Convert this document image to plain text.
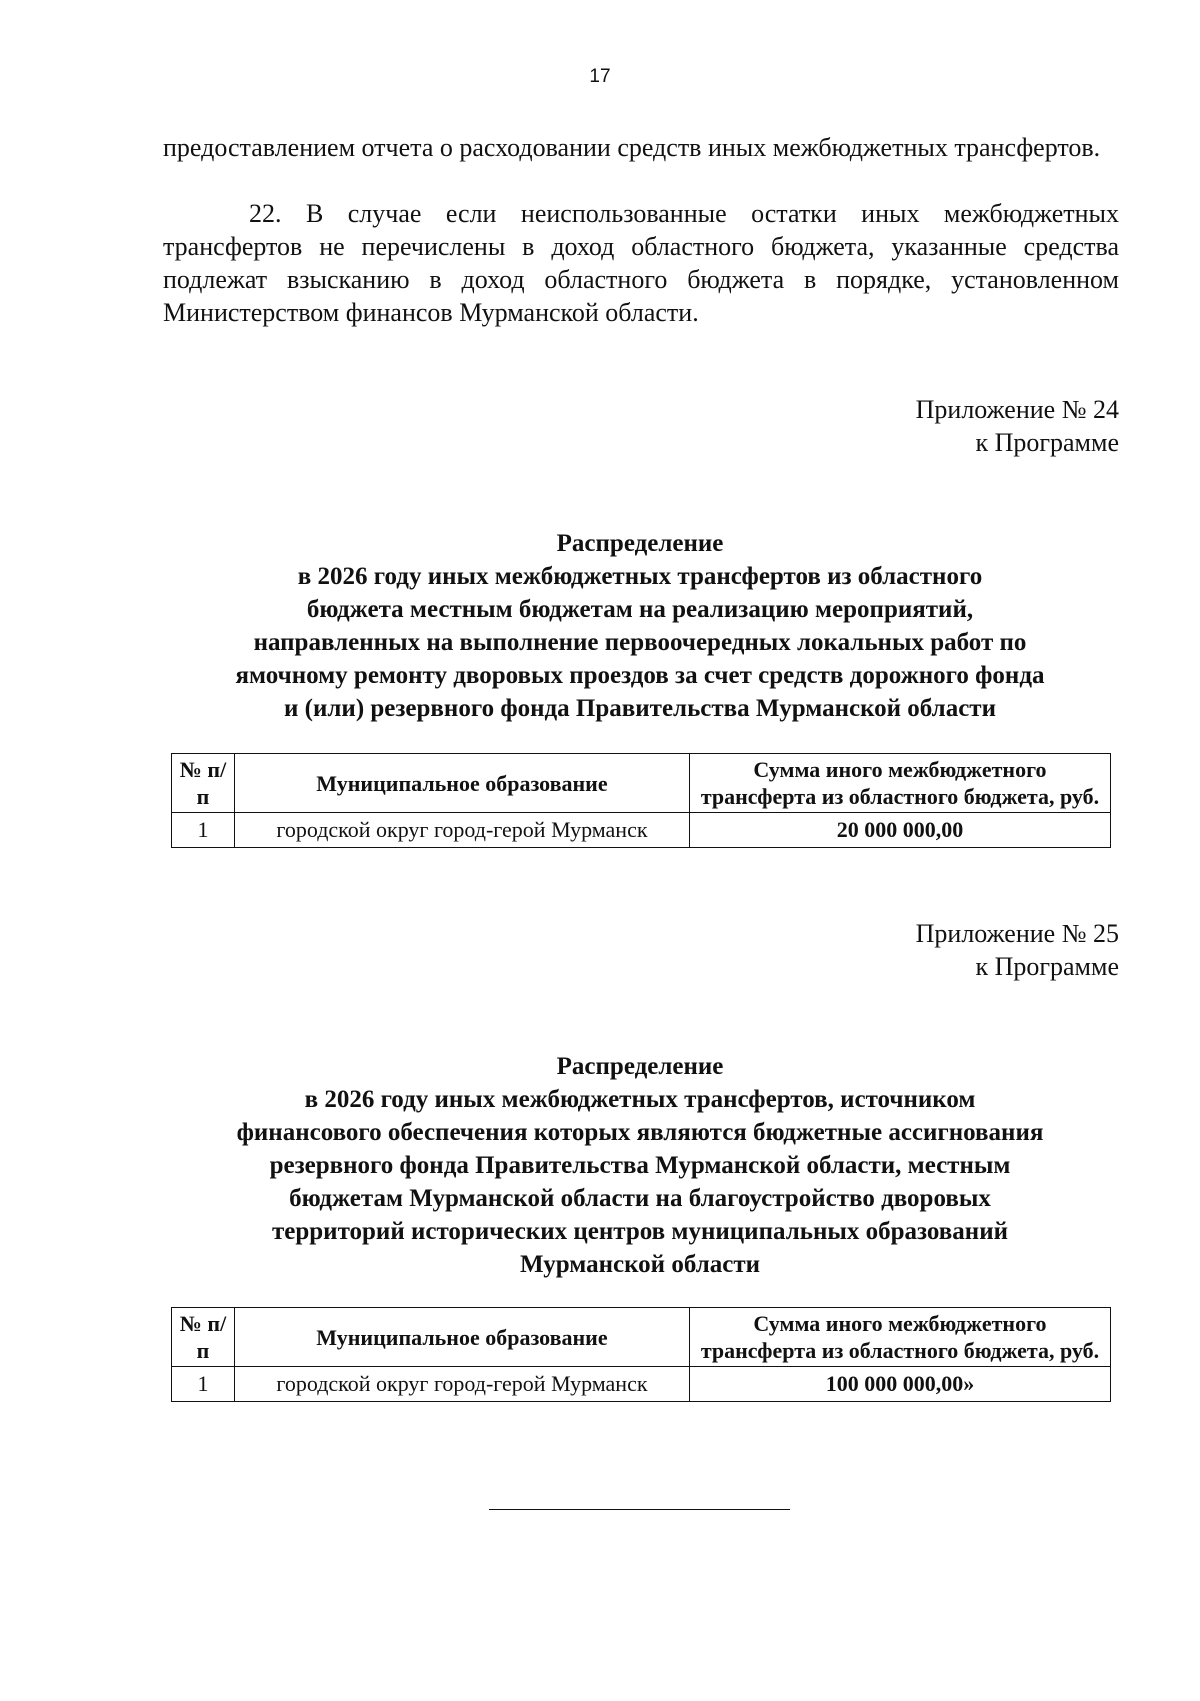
17

предоставлением отчета о расходовании средств иных межбюджетных трансфертов.

22. В случае если неиспользованные остатки иных межбюджетных трансфертов не перечислены в доход областного бюджета, указанные средства подлежат взысканию в доход областного бюджета в порядке, установленном Министерством финансов Мурманской области.

Приложение № 24
к Программе
Распределение
в 2026 году иных межбюджетных трансфертов из областного
бюджета местным бюджетам на реализацию мероприятий,
направленных на выполнение первоочередных локальных работ по
ямочному ремонту дворовых проездов за счет средств дорожного фонда
и (или) резервного фонда Правительства Мурманской области
№ п/п	Муниципальное образование	Сумма иного межбюджетного трансферта из областного бюджета, руб.
1	городской округ город-герой Мурманск	20 000 000,00
Приложение № 25
к Программе
Распределение
в 2026 году иных межбюджетных трансфертов, источником
финансового обеспечения которых являются бюджетные ассигнования
резервного фонда Правительства Мурманской области, местным
бюджетам Мурманской области на благоустройство дворовых
территорий исторических центров муниципальных образований
Мурманской области
№ п/п	Муниципальное образование	Сумма иного межбюджетного трансферта из областного бюджета, руб.
1	городской округ город-герой Мурманск	100 000 000,00»
